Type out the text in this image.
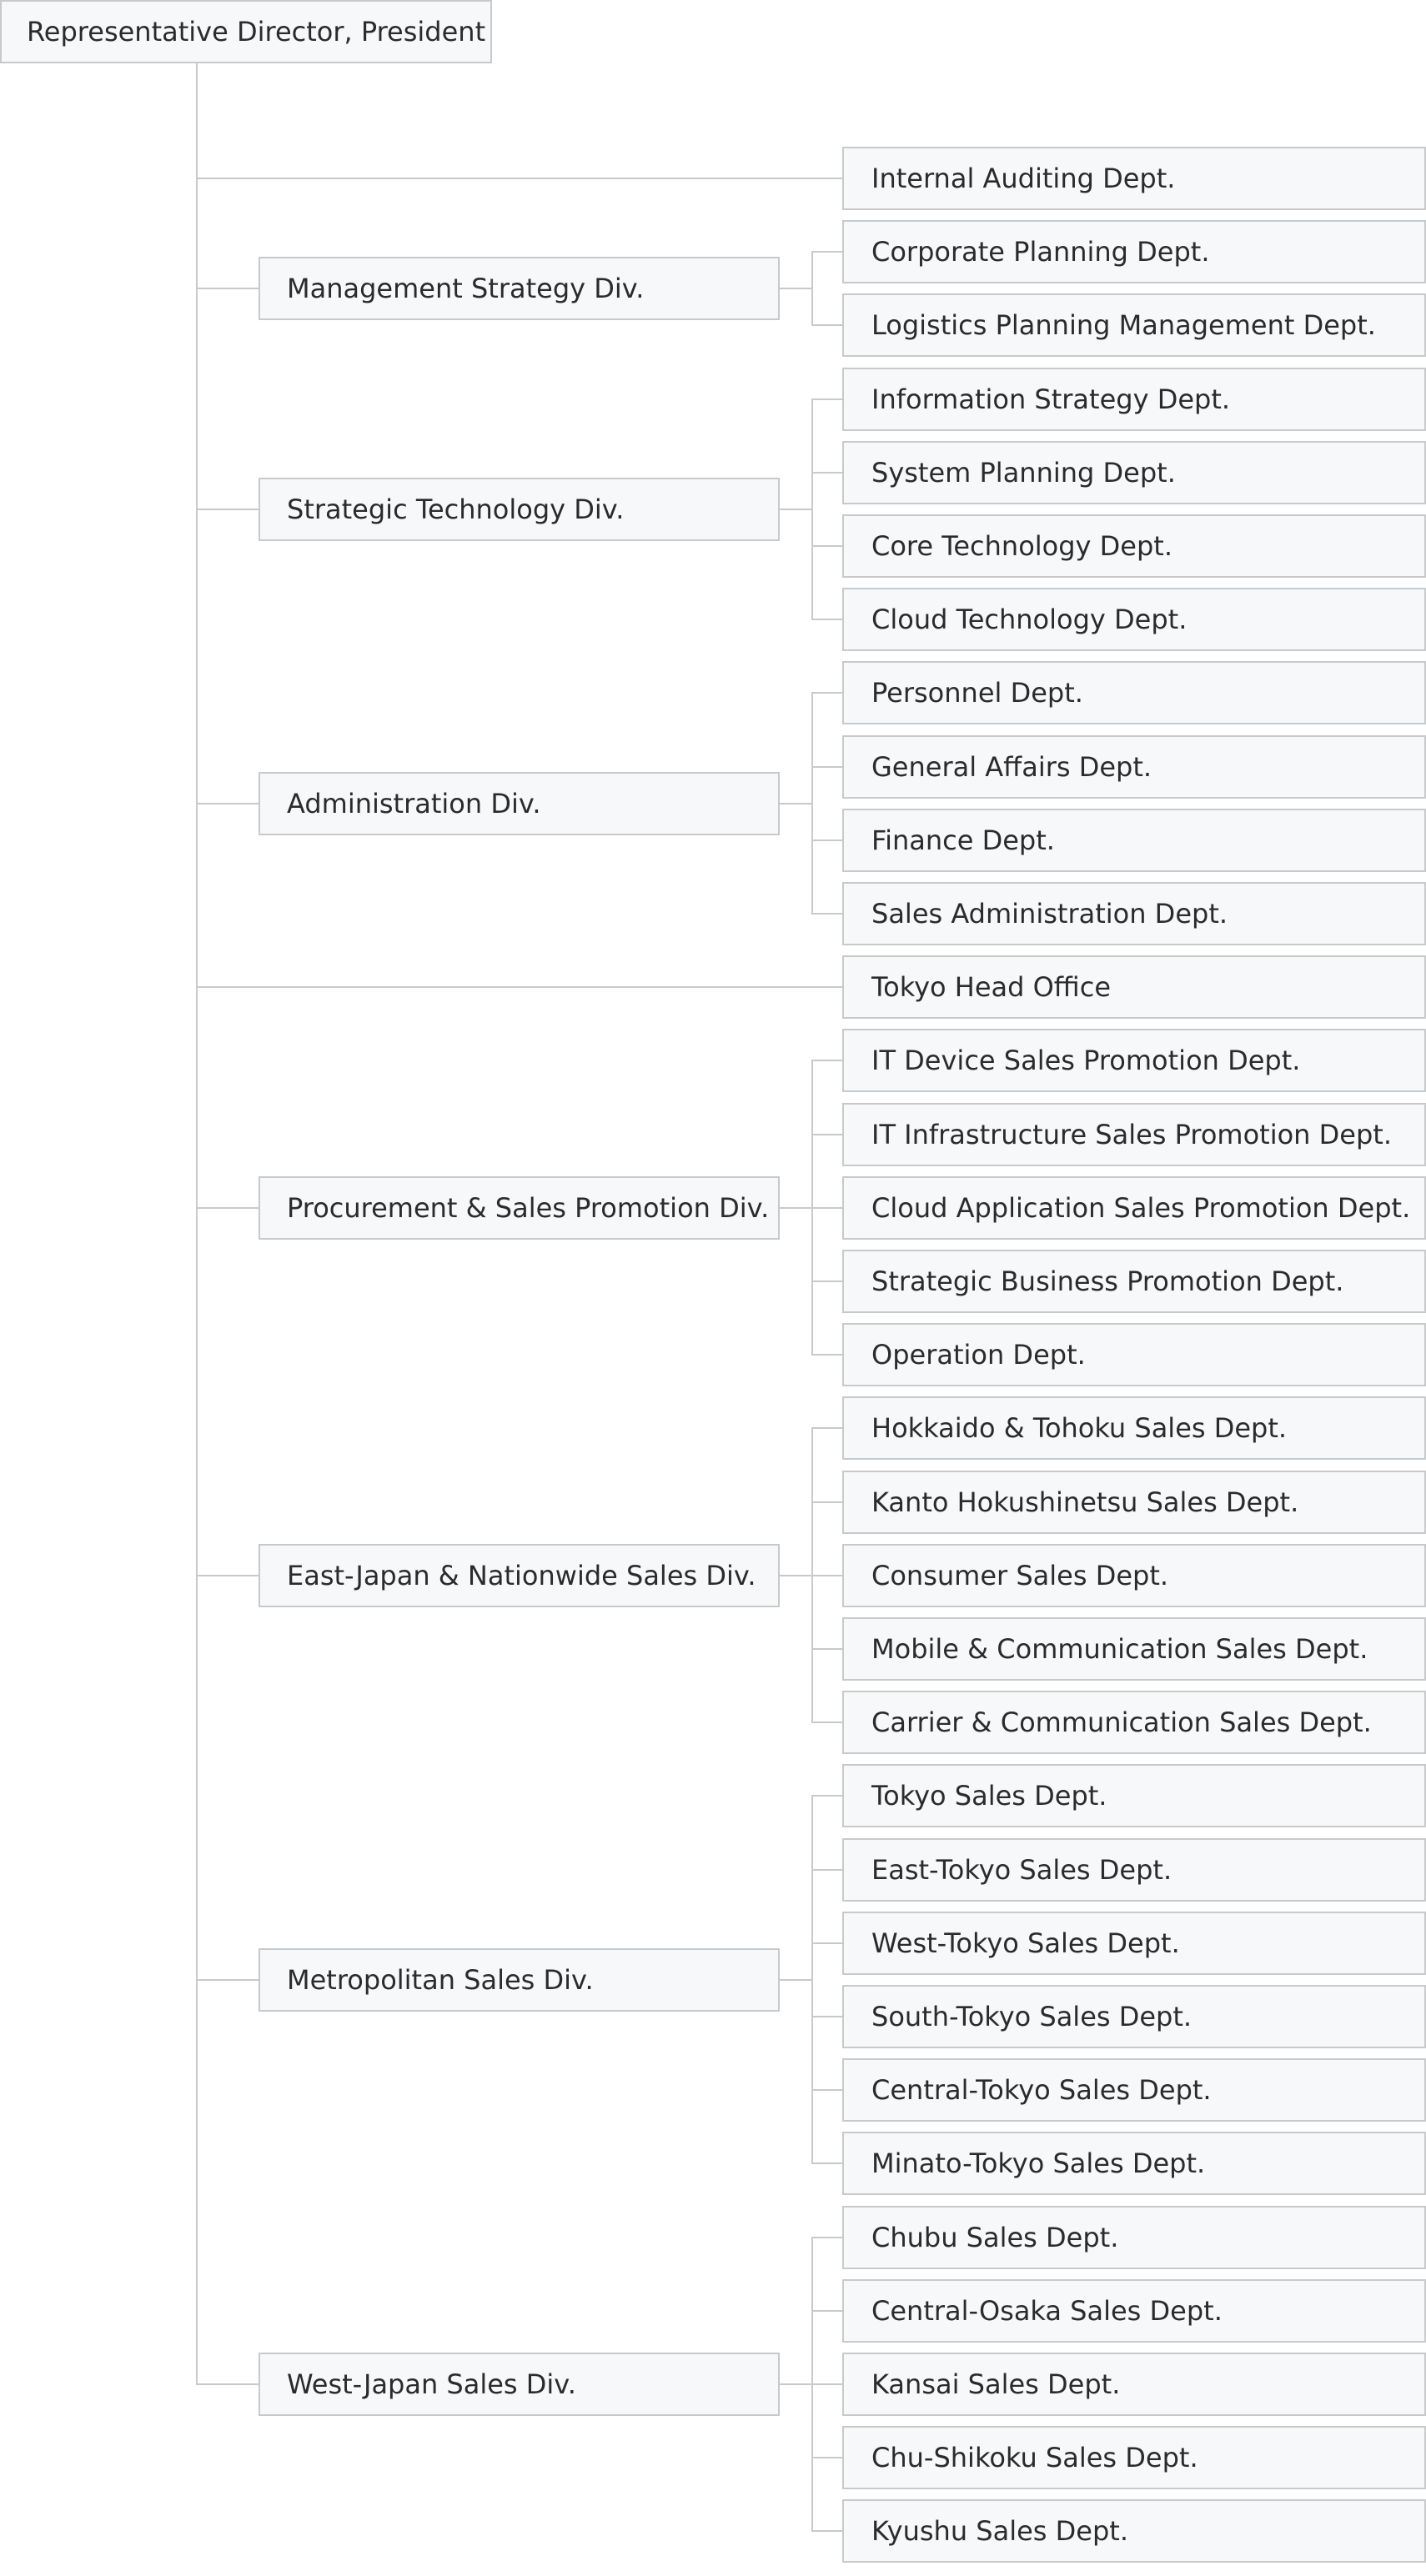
Representative Director, President
Internal Auditing Dept.
Management Strategy Div.
Corporate Planning Dept.
Logistics Planning Management Dept.
Strategic Technology Div.
Information Strategy Dept.
System Planning Dept.
Core Technology Dept.
Cloud Technology Dept.
Administration Div.
Personnel Dept.
General Affairs Dept.
Finance Dept.
Sales Administration Dept.
Tokyo Head Office
Procurement & Sales Promotion Div.
IT Device Sales Promotion Dept.
IT Infrastructure Sales Promotion Dept.
Cloud Application Sales Promotion Dept.
Strategic Business Promotion Dept.
Operation Dept.
East-Japan & Nationwide Sales Div.
Hokkaido & Tohoku Sales Dept.
Kanto Hokushinetsu Sales Dept.
Consumer Sales Dept.
Mobile & Communication Sales Dept.
Carrier & Communication Sales Dept.
Metropolitan Sales Div.
Tokyo Sales Dept.
East-Tokyo Sales Dept.
West-Tokyo Sales Dept.
South-Tokyo Sales Dept.
Central-Tokyo Sales Dept.
Minato-Tokyo Sales Dept.
West-Japan Sales Div.
Chubu Sales Dept.
Central-Osaka Sales Dept.
Kansai Sales Dept.
Chu-Shikoku Sales Dept.
Kyushu Sales Dept.
